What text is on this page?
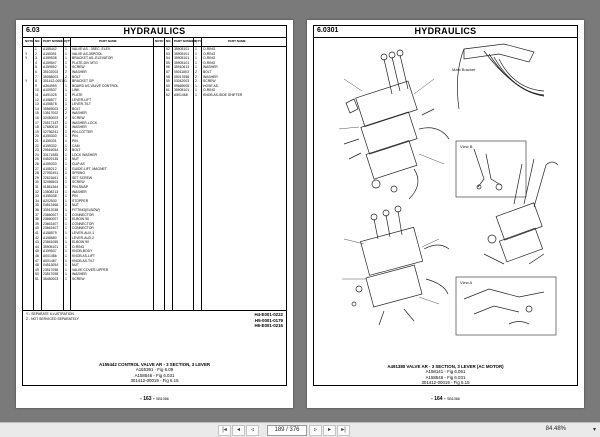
6.03	HYDRAULICS
NOTE NO. PART NUMBER QTY	PART NAME	NOTE NO. PART NUMBER QTY	PART NAME
1 A155442 1 VALVE AS - 3SEC. ELEV.
Y 2 A155391 1 VALVE AS-3SPOOL
Y 3 A159538 1 BRACKET AS.-ELEVATOR
4 A159547 1 PLATE-DIV MTG
5 A159552 1 SCREW
6 35102003 2 WASHER
7 35058003 2 BOLT
Y 8 301412-00019 1 BRACKET GP
9 A364959 1 BOARD AS-VALVE CONTROL
10 A109537 1 LINK
11 A491025 1 PLATE
12 A158577 1 LEVER-LIFT
13 A158578 1 LEVER-TILT
14 35569003 2 BOLT
15 13517002 2 WASHER
16 32450003 2 SCREW
17 20517147 1 WASHER-LOCK
18 17650010 1 WASHER
19 02756241 1 PIN-COTTER
20 A155330 1 PIN
21 A155331 1 PIN
22 A155332 1 CAM
23 20516054 2 BOLT
24 33171985 1 LOCK WASHER
25 04529135 1 NUT
26 A155333 1 CLIP AS
27 A155212 1 GUIDE-LIFT, MAGNET
28 27092491 1 SPRING
29 22621661 1 SET SCREW
30 32456503 1 SCREW
31 01861364 1 PIN-SNAP
32 13508213 1 WASHER
33 A155338 1 PIN
34 A202530 1 STOPPER
35 04512466 1 NUT
36 33912038 1 FITTING(ELBOW)
37 23660007 1 CONNECTOR
38 23660007 1 ELBOW 90
39 23661407 1 CONNECTOR
40 23661407 1 CONNECTOR
41 A158579 1 LEVER-AUX.1
42 A158580 1 LEVER-AUX.2
43 23661055 1 ELBOW 90
44 35905101 1 O-RING
45 A159537 1 KNOB-BODY
46 A001486 1 KNOB AS-LIFT
47 A001487 1 KNOB AS-TILT
48 04513054 1 NUT
49 23517098 1 VALVE COVER-UPPER
50 23517098 1 WASHER
51 35450003 1 SCREW
52 35905101 1 O-RING
53 35905101 1 O-RING
54 35905101 1 O-RING
55 35905101 1 O-RING
56 35910613 1 WASHER
57 05011803 2 BOLT
58 05017658 2 WASHER
59 03042003 2 SCREW
60 59669005 1 HOSE AS.
61 35905101 1 O-RING
62 A501468 1 KNOB AS-SIDE SHIFTER
Y - SEPARATE ILLUSTRATION
Z - NOT SERVICED SEPARATELY
H4-E001-0222
H5-0001-0179
H6-E001-0216
A155442 CONTROL VALVE AR - 3 SECTION, 3 LEVER
A155391 - Fig 6.09
A158546 - Fig 6.031
301412-00019 - Fig 6.15
- 163 - SB1066
6.0301	HYDRAULICS
Mast Bracket
View B
View A
A491380 VALVE AR - 3 SECTION, 3 LEVER (AC MOTOR)
A158141 - Fig 6.051
A158546 - Fig 6.031
301412-00019 - Fig 6.15
- 164 - SB1066
|◂	◂	◃	189 / 376	▹	▸	▸|	84.48%	▾
